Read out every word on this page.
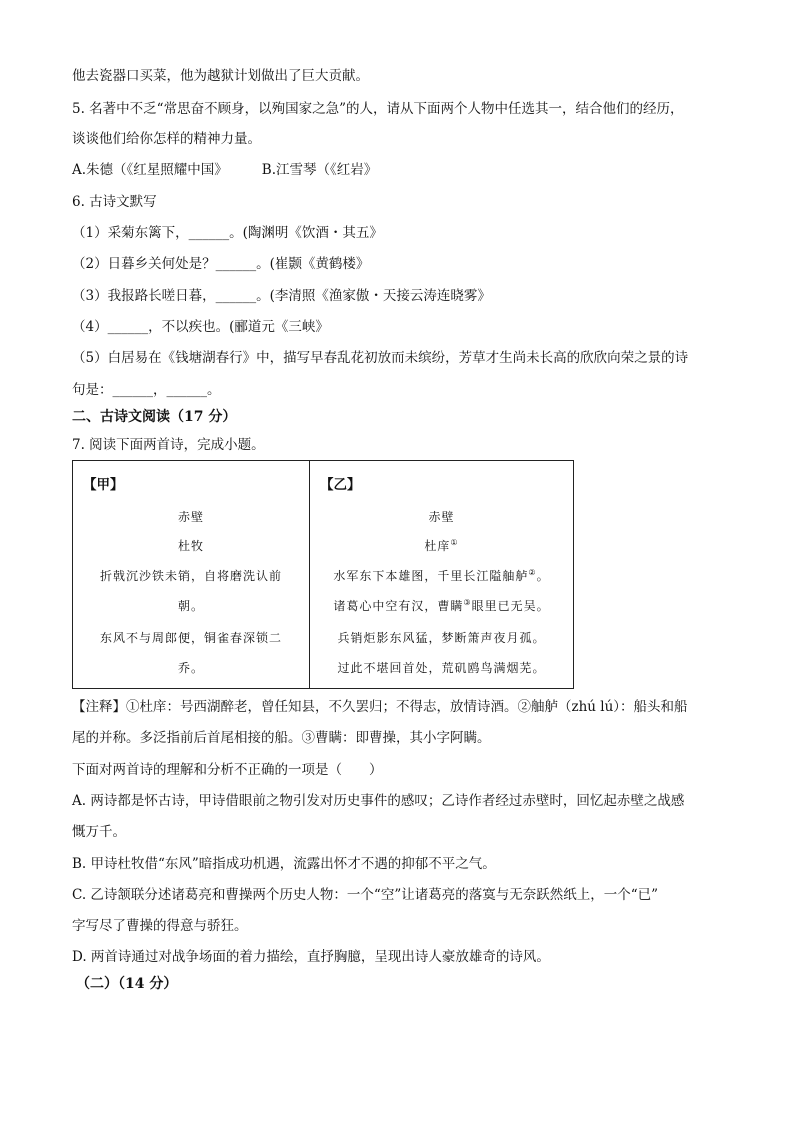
他去瓷器口买菜，他为越狱计划做出了巨大贡献。
5. 名著中不乏“常思奋不顾身，以殉国家之急”的人，请从下面两个人物中任选其一，结合他们的经历，
谈谈他们给你怎样的精神力量。
A.朱德（《红星照耀中国》	B.江雪琴（《红岩》
6. 古诗文默写
（1）采菊东篱下，______。(陶渊明《饮酒・其五》
（2）日暮乡关何处是？______。(崔颢《黄鹤楼》
（3）我报路长嗟日暮，______。(李清照《渔家傲・天接云涛连晓雾》
（4）______，不以疾也。(郦道元《三峡》
（5）白居易在《钱塘湖春行》中，描写早春乱花初放而未缤纷，芳草才生尚未长高的欣欣向荣之景的诗
句是：______，______。
二、古诗文阅读（17 分）
7. 阅读下面两首诗，完成小题。
【甲】
赤壁
杜牧
折戟沉沙铁未销，自将磨洗认前
朝。
东风不与周郎便，铜雀春深锁二
乔。
【乙】
赤壁
杜庠①
水军东下本雄图，千里长江隘舳舻②。
诸葛心中空有汉，曹瞒③眼里已无吴。
兵销炬影东风猛，梦断箫声夜月孤。
过此不堪回首处，荒矶鸥鸟满烟芜。
【注释】①杜庠：号西湖醉老，曾任知县，不久罢归；不得志，放情诗酒。②舳舻（zhú lú）：船头和船
尾的并称。多泛指前后首尾相接的船。③曹瞒：即曹操，其小字阿瞒。
下面对两首诗的理解和分析不正确的一项是（　　）
A. 两诗都是怀古诗，甲诗借眼前之物引发对历史事件的感叹；乙诗作者经过赤壁时，回忆起赤壁之战感
慨万千。
B. 甲诗杜牧借“东风”暗指成功机遇，流露出怀才不遇的抑郁不平之气。
C. 乙诗颔联分述诸葛亮和曹操两个历史人物：一个“空”让诸葛亮的落寞与无奈跃然纸上，一个“已”
字写尽了曹操的得意与骄狂。
D. 两首诗通过对战争场面的着力描绘，直抒胸臆，呈现出诗人豪放雄奇的诗风。
（二）（14 分）
